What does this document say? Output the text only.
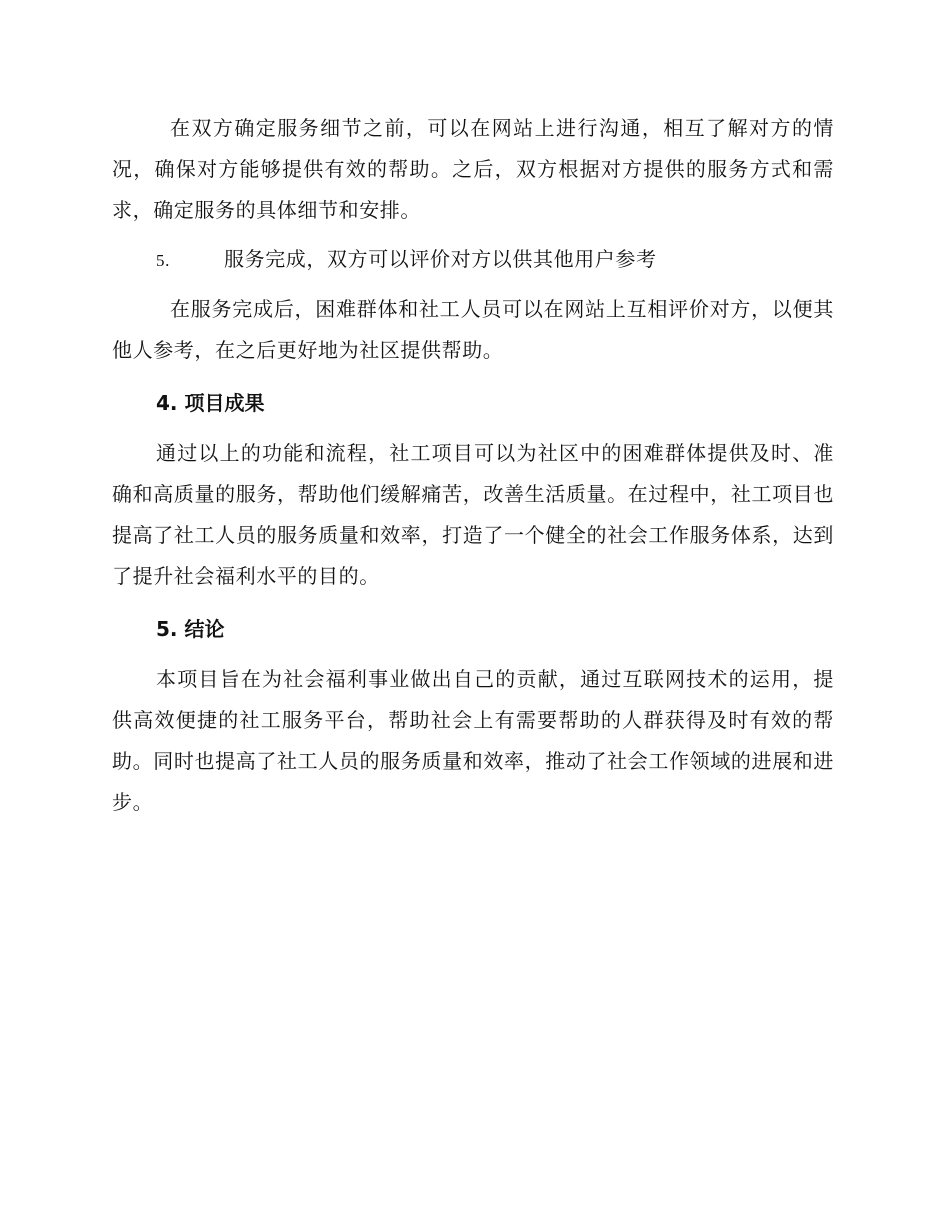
在双方确定服务细节之前，可以在网站上进行沟通，相互了解对方的情况，确保对方能够提供有效的帮助。之后，双方根据对方提供的服务方式和需求，确定服务的具体细节和安排。

5.	服务完成，双方可以评价对方以供其他用户参考

在服务完成后，困难群体和社工人员可以在网站上互相评价对方，以便其他人参考，在之后更好地为社区提供帮助。

4. 项目成果

通过以上的功能和流程，社工项目可以为社区中的困难群体提供及时、准确和高质量的服务，帮助他们缓解痛苦，改善生活质量。在过程中，社工项目也提高了社工人员的服务质量和效率，打造了一个健全的社会工作服务体系，达到了提升社会福利水平的目的。

5. 结论

本项目旨在为社会福利事业做出自己的贡献，通过互联网技术的运用，提供高效便捷的社工服务平台，帮助社会上有需要帮助的人群获得及时有效的帮助。同时也提高了社工人员的服务质量和效率，推动了社会工作领域的进展和进步。
